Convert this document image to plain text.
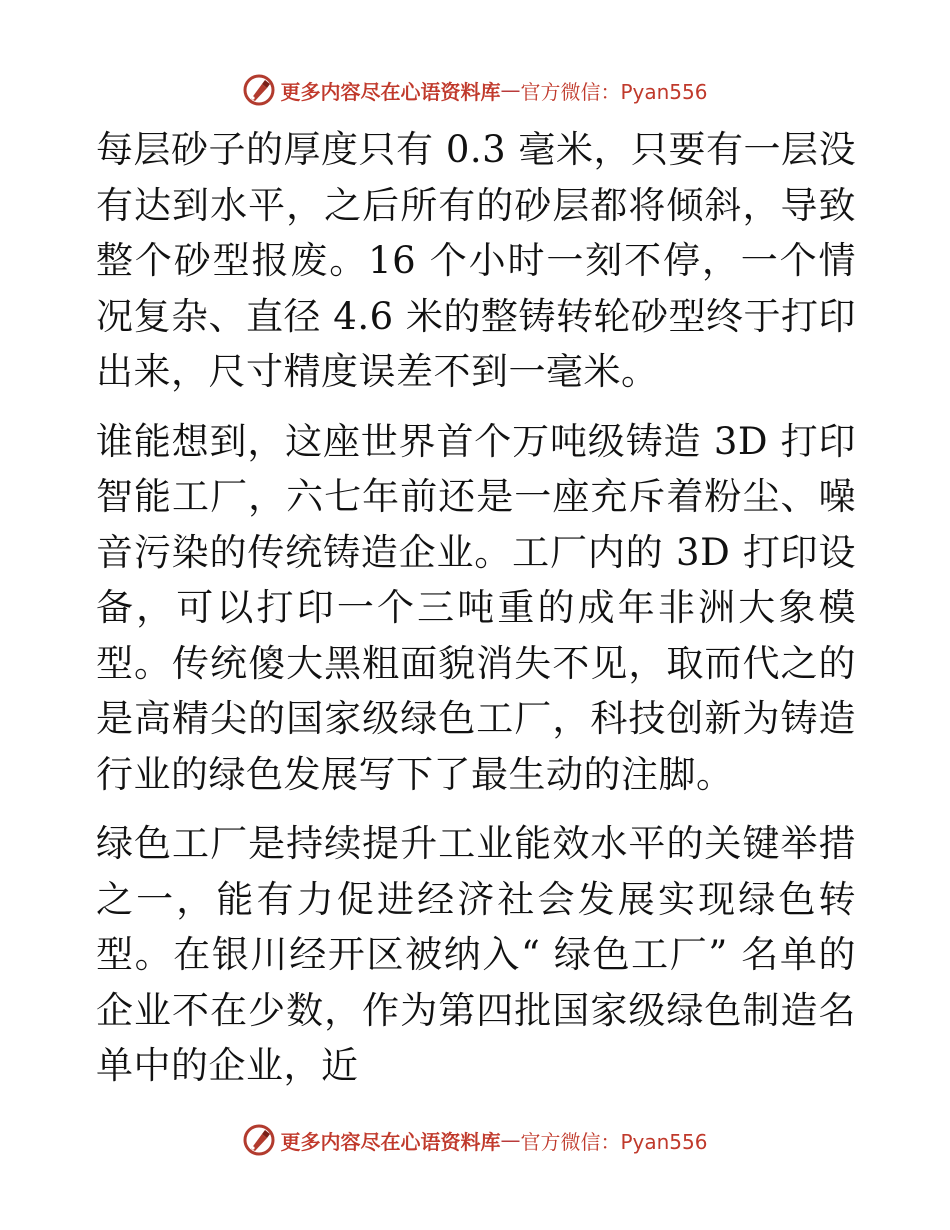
更多内容尽在心语资料库 — 官方微信：Pyan556

每层砂子的厚度只有 0.3 毫米，只要有一层没有达到水平，之后所有的砂层都将倾斜，导致整个砂型报废。16 个小时一刻不停，一个情况复杂、直径 4.6 米的整铸转轮砂型终于打印出来，尺寸精度误差不到一毫米。

谁能想到，这座世界首个万吨级铸造 3D 打印智能工厂，六七年前还是一座充斥着粉尘、噪音污染的传统铸造企业。工厂内的 3D 打印设备，可以打印一个三吨重的成年非洲大象模型。传统傻大黑粗面貌消失不见，取而代之的是高精尖的国家级绿色工厂，科技创新为铸造行业的绿色发展写下了最生动的注脚。

绿色工厂是持续提升工业能效水平的关键举措之一，能有力促进经济社会发展实现绿色转型。在银川经开区被纳入“ 绿色工厂” 名单的企业不在少数，作为第四批国家级绿色制造名单中的企业，近

更多内容尽在心语资料库 — 官方微信：Pyan556
